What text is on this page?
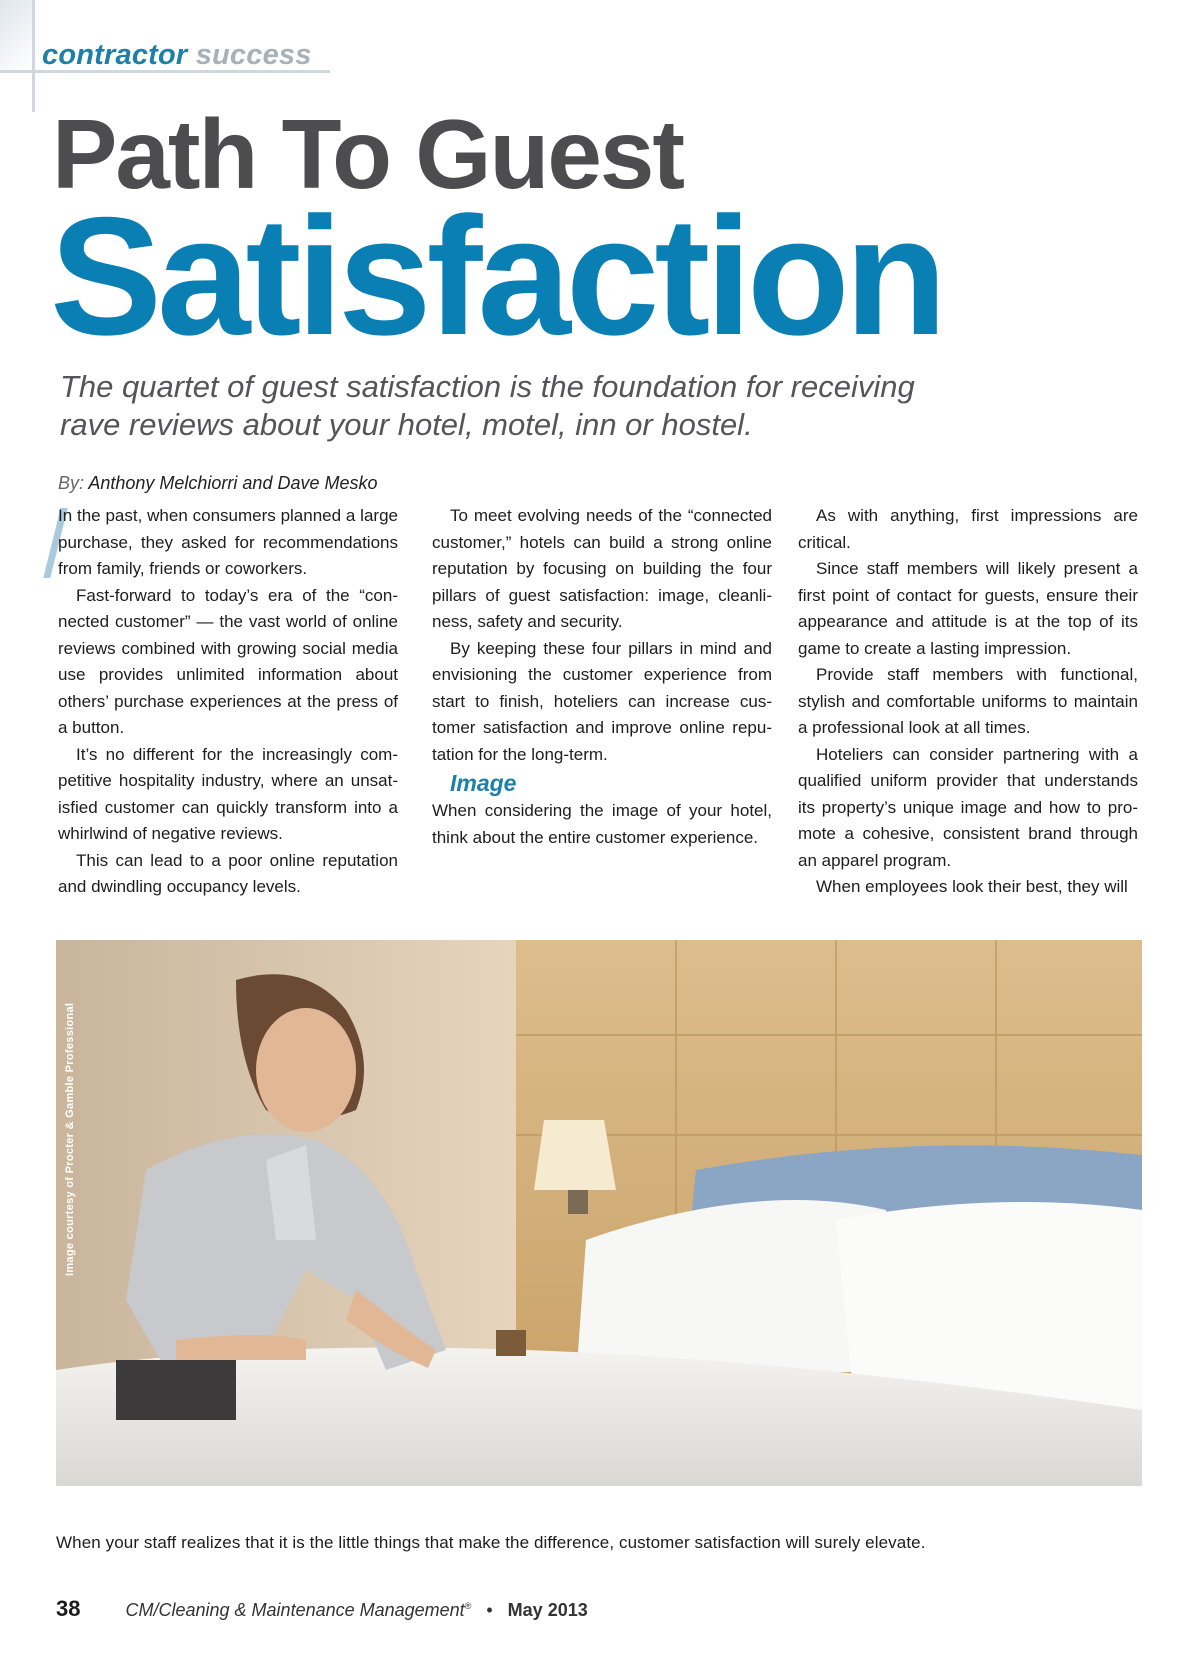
contractor success
Path To Guest
Satisfaction
The quartet of guest satisfaction is the foundation for receiving rave reviews about your hotel, motel, inn or hostel.
By: Anthony Melchiorri and Dave Mesko

In the past, when consumers planned a large purchase, they asked for recommendations from family, friends or coworkers.

Fast-forward to today’s era of the “connected customer” — the vast world of online reviews combined with growing social media use provides unlimited information about others’ purchase experiences at the press of a button.

It’s no different for the increasingly competitive hospitality industry, where an unsatisfied customer can quickly transform into a whirlwind of negative reviews.

This can lead to a poor online reputation and dwindling occupancy levels.

To meet evolving needs of the “connected customer,” hotels can build a strong online reputation by focusing on building the four pillars of guest satisfaction: image, cleanliness, safety and security.

By keeping these four pillars in mind and envisioning the customer experience from start to finish, hoteliers can increase customer satisfaction and improve online reputation for the long-term.

Image

When considering the image of your hotel, think about the entire customer experience.

As with anything, first impressions are critical.

Since staff members will likely present a first point of contact for guests, ensure their appearance and attitude is at the top of its game to create a lasting impression.

Provide staff members with functional, stylish and comfortable uniforms to maintain a professional look at all times.

Hoteliers can consider partnering with a qualified uniform provider that understands its property’s unique image and how to promote a cohesive, consistent brand through an apparel program.

When employees look their best, they will

Image courtesy of Procter & Gamble Professional
When your staff realizes that it is the little things that make the difference, customer satisfaction will surely elevate.
38	CM/Cleaning & Maintenance Management® • May 2013
